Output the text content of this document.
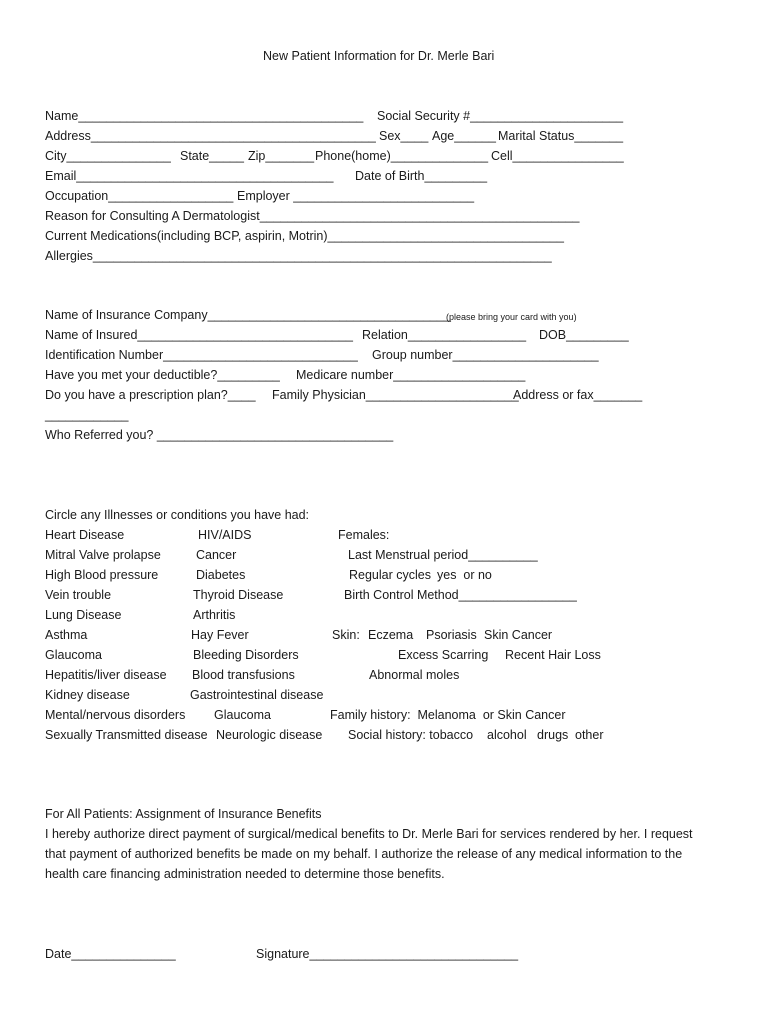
New Patient Information for Dr. Merle Bari
Name_________________________________________ Social Security #______________________
Address_________________________________________ Sex____ Age______ Marital Status_______
City_______________ State_____ Zip_______ Phone(home)______________ Cell________________
Email_____________________________________ Date of Birth_________
Occupation__________________ Employer __________________________
Reason for Consulting A Dermatologist______________________________________________
Current Medications(including BCP, aspirin, Motrin)__________________________________
Allergies__________________________________________________________________
Name of Insurance Company___________________________________
(please bring your card with you)
Name of Insured_______________________________ Relation_________________ DOB_________
Identification Number____________________________ Group number_____________________
Have you met your deductible?_________ Medicare number___________________
Do you have a prescription plan?____ Family Physician______________________
Address or fax_______
____________
Who Referred you? __________________________________
Circle any Illnesses or conditions you have had:
Heart Disease
Mitral Valve prolapse
High Blood pressure
Vein trouble
Lung Disease
Asthma
Glaucoma
Hepatitis/liver disease
Kidney disease
Mental/nervous disorders
Sexually Transmitted disease
HIV/AIDS
Cancer
Diabetes
Thyroid Disease
Arthritis
Hay Fever
Bleeding Disorders
Blood transfusions
Gastrointestinal disease
Glaucoma
Neurologic disease
Females:
Last Menstrual period__________
Regular cycles yes  or no
Birth Control Method_________________
Skin: Eczema Psoriasis Skin Cancer
Excess Scarring Recent Hair Loss
Abnormal moles
Family history:  Melanoma  or Skin Cancer
Social history: tobacco alcohol drugs other
For All Patients: Assignment of Insurance Benefits
I hereby authorize direct payment of surgical/medical benefits to Dr. Merle Bari for services rendered by her. I request
that payment of authorized benefits be made on my behalf. I authorize the release of any medical information to the
health care financing administration needed to determine those benefits.
Date_______________	Signature______________________________
